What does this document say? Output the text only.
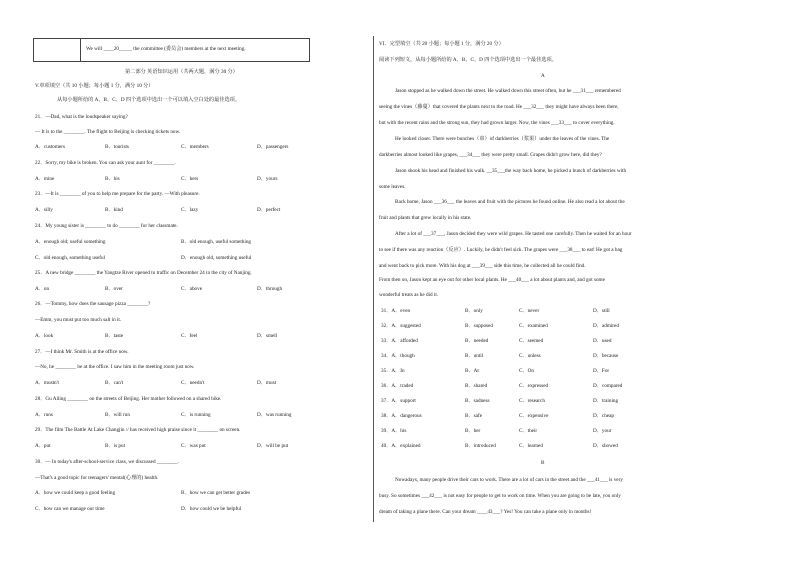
We will ____20_____ the committee (委员会) members at the next meeting.
第二部分 英语知识运用（共两大题，满分 30 分）
V.单项填空（共 10 小题；每小题 1 分，满分 10 分）
从每小题所给的 A、B、C、D 四个选项中选出一个可以填入空白处的最佳选项。
21．—Dad, what is the loudspeaker saying?
— It is to the ________. The flight to Beijing is checking tickets now.
A．customers	B．tourists	C．members	D．passengers
22．Sorry, my bike is broken. You can ask your aunt for ________.
A．mine	B．his	C．hers	D．yours
23．—It is ________ of you to help me prepare for the party. —With pleasure.
A．silly	B．kind	C．lazy	D．perfect
24．My young sister is ________ to do ________ for her classmate.
A．enough old; useful something	B．old enough, useful something
C．old enough, something useful	D．enough old, something useful
25．A new bridge ________ the Yangtze River opened to traffic on December 24 in the city of Nanjing.
A．on	B．over	C．above	D．through
26．—Tommy, how does the sausage pizza ________?
—Emm, you must put too much salt in it.
A．look	B．taste	C．feel	D．smell
27．—I think Mr. Smith is at the office now.
—No, he ________ be at the office. I saw him in the meeting room just now.
A．mustn't	B．can't	C．needn't	D．must
28．Gu Ailing ________ on the streets of Beijing. Her mother followed on a shared bike.
A．runs	B．will run	C．is running	D．was running
29．The film The Battle At Lake Changjin // has received high praise since it ________ on screen.
A．put	B．is put	C．was put	D．will be put
30．— In today's after-school-service class, we discussed ________.
—That's a good topic for teenagers' mental(心理的) health.
A．how we could keep a good feeling	B．how we can get better grades
C．how can we manage our time	D．how could we be helpful
VI．完型填空（共 20 小题；每小题 1 分，满分 20 分）
阅读下列短文，从每小题所给的 A、B、C、D 四个选项中选出一个最佳选项。
A
Jason stopped as he walked down the street. He walked down this street often, but he ___31___ remembered
seeing the vines（藤蔓）that covered the plants next to the road. He ___32___ they might have always been there,
but with the recent rains and the strong sun, they had grown larger. Now, the vines ___33___ to cover everything.
He looked closer. There were bunches（串）of darkberries（浆果）under the leaves of the vines. The
darkberries almost looked like grapes, ___34___ they were pretty small. Grapes didn't grow here, did they?
Jason shook his head and finished his walk. __35___the way back home, he picked a bunch of darkberries with
some leaves.
Back home, Jason ___36___ the leaves and fruit with the pictures he found online. He also read a lot about the
fruit and plants that grew locally in his state.
After a lot of ___37___, Jason decided they were wild grapes. He tasted one carefully. Then he waited for an hour
to see if there was any reaction（反应）. Luckily, he didn't feel sick. The grapes were ___38___ to eat! He got a bag
and went back to pick more. With his dog at ___39___ side this time, he collected all he could find.
From then on, Jason kept an eye out for other local plants. He ___40___ a lot about plants and, and got some
wonderful treats as he did it.
31．A．even	B．only	C．never	D．still
32．A．suggested	B．supposed	C．examined	D．admired
33．A．afforded	B．needed	C．seemed	D．used
34．A．though	B．until	C．unless	D．because
35．A．In	B．At	C．On	D．For
36．A．traded	B．shared	C．expressed	D．compared
37．A．support	B．sadness	C．research	D．training
38．A．dangerous	B．safe	C．expensive	D．cheap
39．A．his	B．her	C．their	D．your
40．A．explained	B．introduced	C．learned	D．showed
B
Nowadays, many people drive their cars to work. There are a lot of cars in the street and the ___41___ is very
busy. So sometimes ___42___ is not easy for people to get to work on time. When you are going to be late, you only
dream of taking a plane there. Can your dream ____43___? Yes! You can take a plane only in months!
